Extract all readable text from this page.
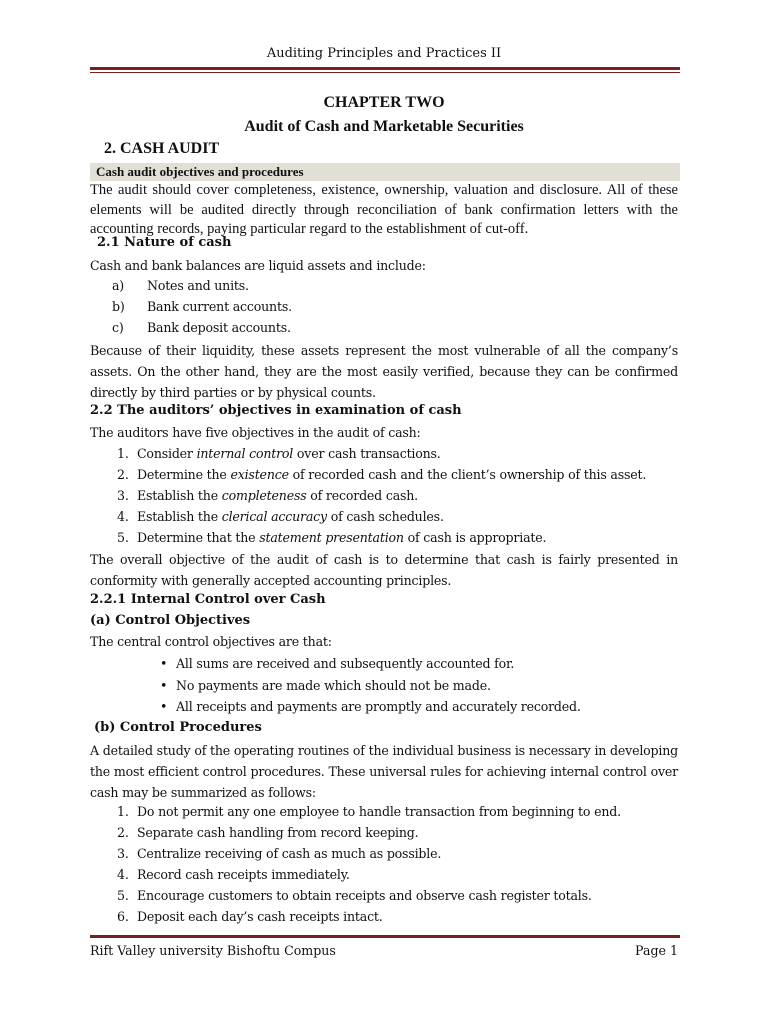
Auditing Principles and Practices II
CHAPTER TWO
Audit of Cash and Marketable Securities
2. CASH AUDIT
Cash audit objectives and procedures
The audit should cover completeness, existence, ownership, valuation and disclosure. All of these elements will be audited directly through reconciliation of bank confirmation letters with the accounting records, paying particular regard to the establishment of cut-off.
2.1 Nature of cash
Cash and bank balances are liquid assets and include:
a) Notes and units.
b) Bank current accounts.
c) Bank deposit accounts.
Because of their liquidity, these assets represent the most vulnerable of all the company’s assets. On the other hand, they are the most easily verified, because they can be confirmed directly by third parties or by physical counts.
2.2 The auditors’ objectives in examination of cash
The auditors have five objectives in the audit of cash:
1. Consider internal control over cash transactions.
2. Determine the existence of recorded cash and the client’s ownership of this asset.
3. Establish the completeness of recorded cash.
4. Establish the clerical accuracy of cash schedules.
5. Determine that the statement presentation of cash is appropriate.
The overall objective of the audit of cash is to determine that cash is fairly presented in conformity with generally accepted accounting principles.
2.2.1 Internal Control over Cash
(a) Control Objectives
The central control objectives are that:
• All sums are received and subsequently accounted for.
• No payments are made which should not be made.
• All receipts and payments are promptly and accurately recorded.
(b) Control Procedures
A detailed study of the operating routines of the individual business is necessary in developing the most efficient control procedures. These universal rules for achieving internal control over cash may be summarized as follows:
1. Do not permit any one employee to handle transaction from beginning to end.
2. Separate cash handling from record keeping.
3. Centralize receiving of cash as much as possible.
4. Record cash receipts immediately.
5. Encourage customers to obtain receipts and observe cash register totals.
6. Deposit each day’s cash receipts intact.
Rift Valley university Bishoftu Compus	Page 1
